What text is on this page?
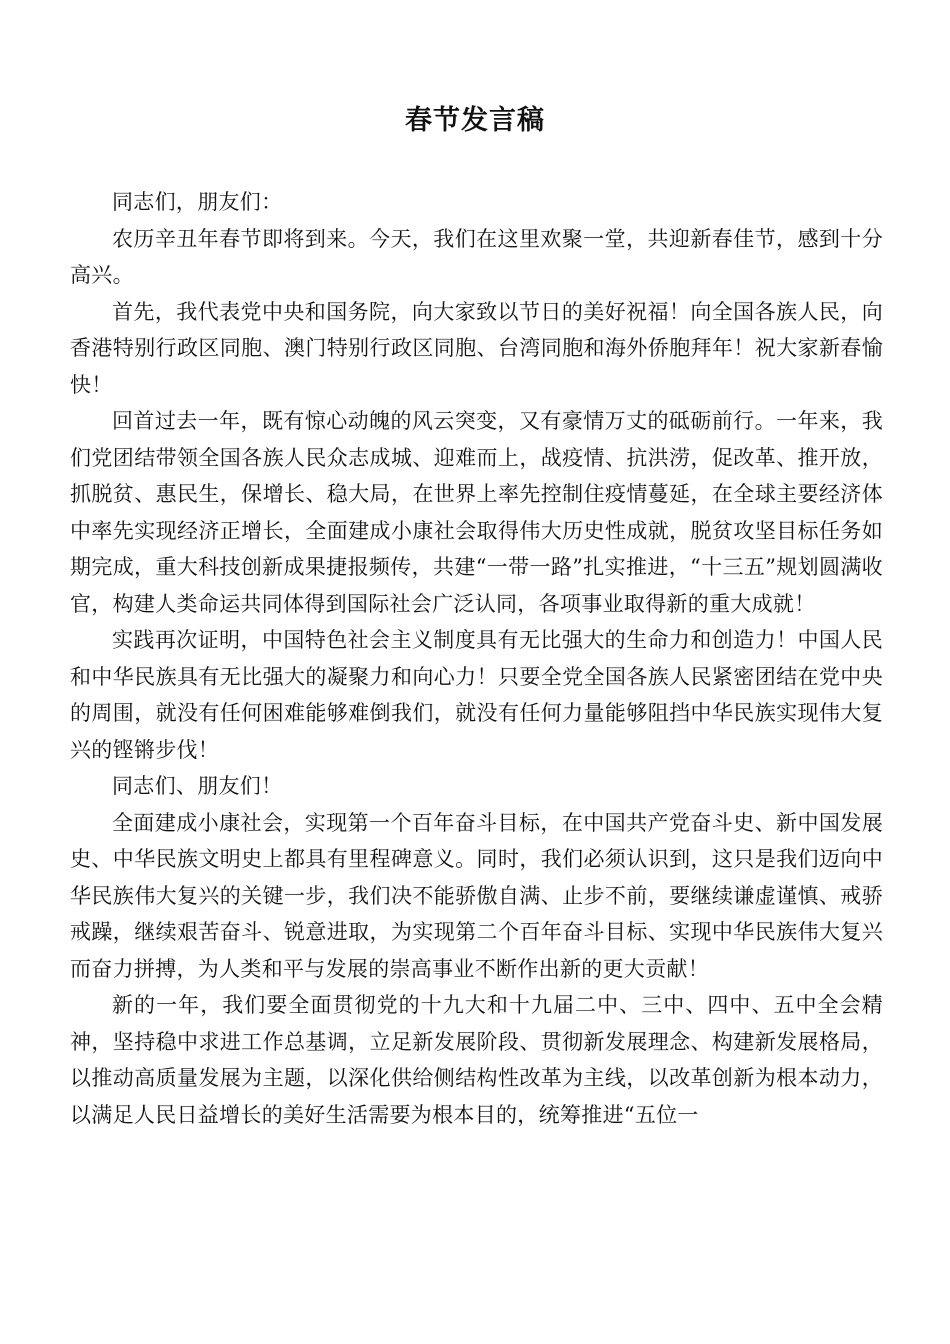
春节发言稿

同志们，朋友们：

农历辛丑年春节即将到来。今天，我们在这里欢聚一堂，共迎新春佳节，感到十分高兴。

首先，我代表党中央和国务院，向大家致以节日的美好祝福！向全国各族人民，向香港特别行政区同胞、澳门特别行政区同胞、台湾同胞和海外侨胞拜年！祝大家新春愉快！

回首过去一年，既有惊心动魄的风云突变，又有豪情万丈的砥砺前行。一年来，我们党团结带领全国各族人民众志成城、迎难而上，战疫情、抗洪涝，促改革、推开放，抓脱贫、惠民生，保增长、稳大局，在世界上率先控制住疫情蔓延，在全球主要经济体中率先实现经济正增长，全面建成小康社会取得伟大历史性成就，脱贫攻坚目标任务如期完成，重大科技创新成果捷报频传，共建“一带一路”扎实推进，“十三五”规划圆满收官，构建人类命运共同体得到国际社会广泛认同，各项事业取得新的重大成就！

实践再次证明，中国特色社会主义制度具有无比强大的生命力和创造力！中国人民和中华民族具有无比强大的凝聚力和向心力！只要全党全国各族人民紧密团结在党中央的周围，就没有任何困难能够难倒我们，就没有任何力量能够阻挡中华民族实现伟大复兴的铿锵步伐！

同志们、朋友们！

全面建成小康社会，实现第一个百年奋斗目标，在中国共产党奋斗史、新中国发展史、中华民族文明史上都具有里程碑意义。同时，我们必须认识到，这只是我们迈向中华民族伟大复兴的关键一步，我们决不能骄傲自满、止步不前，要继续谦虚谨慎、戒骄戒躁，继续艰苦奋斗、锐意进取，为实现第二个百年奋斗目标、实现中华民族伟大复兴而奋力拼搏，为人类和平与发展的崇高事业不断作出新的更大贡献！

新的一年，我们要全面贯彻党的十九大和十九届二中、三中、四中、五中全会精神，坚持稳中求进工作总基调，立足新发展阶段、贯彻新发展理念、构建新发展格局，以推动高质量发展为主题，以深化供给侧结构性改革为主线，以改革创新为根本动力，以满足人民日益增长的美好生活需要为根本目的，统筹推进“五位一
